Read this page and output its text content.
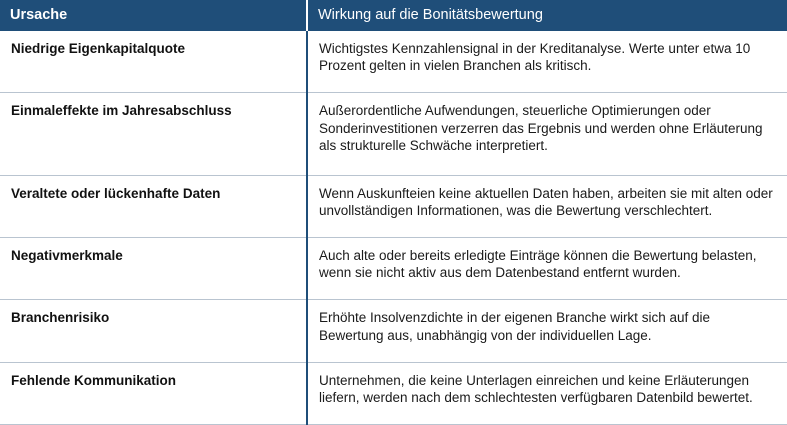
Ursache	Wirkung auf die Bonitätsbewertung
Niedrige Eigenkapitalquote	Wichtigstes Kennzahlensignal in der Kreditanalyse. Werte unter etwa 10 Prozent gelten in vielen Branchen als kritisch.
Einmaleffekte im Jahresabschluss	Außerordentliche Aufwendungen, steuerliche Optimierungen oder Sonderinvestitionen verzerren das Ergebnis und werden ohne Erläuterung als strukturelle Schwäche interpretiert.
Veraltete oder lückenhafte Daten	Wenn Auskunfteien keine aktuellen Daten haben, arbeiten sie mit alten oder unvollständigen Informationen, was die Bewertung verschlechtert.
Negativmerkmale	Auch alte oder bereits erledigte Einträge können die Bewertung belasten, wenn sie nicht aktiv aus dem Datenbestand entfernt wurden.
Branchenrisiko	Erhöhte Insolvenzdichte in der eigenen Branche wirkt sich auf die Bewertung aus, unabhängig von der individuellen Lage.
Fehlende Kommunikation	Unternehmen, die keine Unterlagen einreichen und keine Erläuterungen liefern, werden nach dem schlechtesten verfügbaren Datenbild bewertet.
